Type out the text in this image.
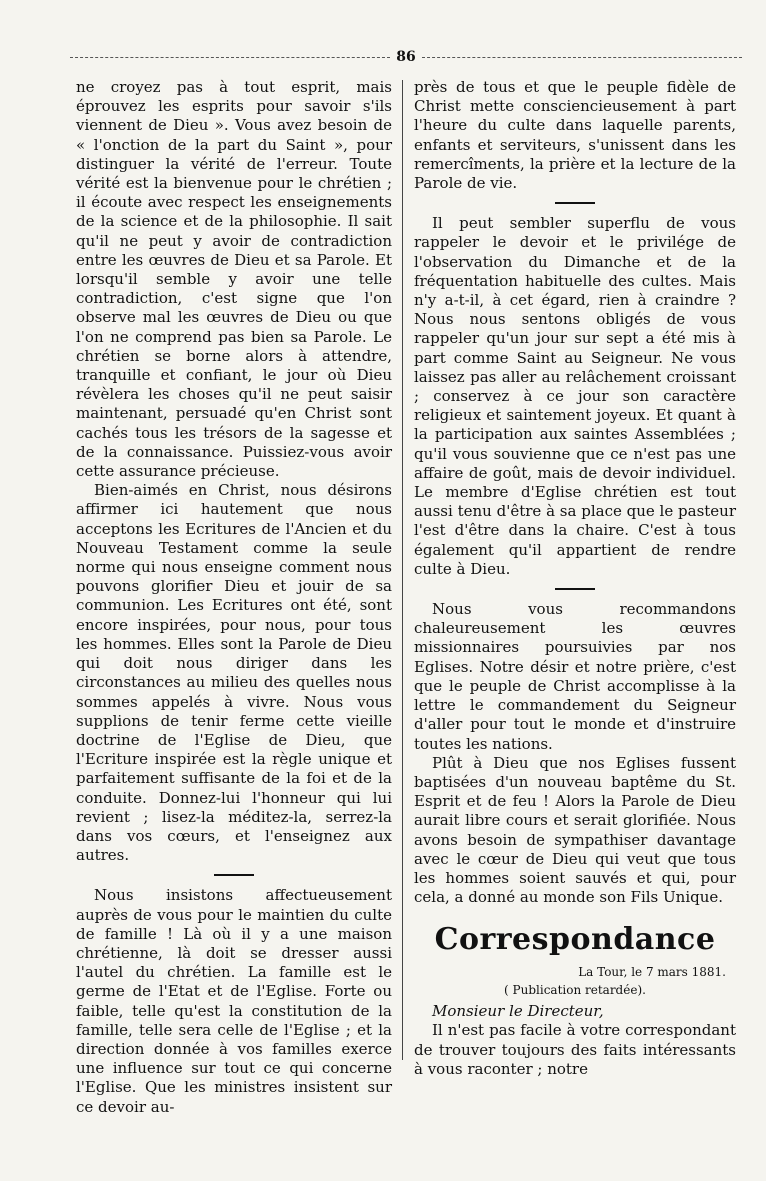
86

ne croyez pas à tout esprit, mais éprouvez les esprits pour savoir s'ils viennent de Dieu ». Vous avez besoin de « l'onction de la part du Saint », pour distinguer la vérité de l'erreur. Toute vérité est la bienvenue pour le chrétien ; il écoute avec respect les enseignements de la science et de la philosophie. Il sait qu'il ne peut y avoir de contradiction entre les œuvres de Dieu et sa Parole. Et lorsqu'il semble y avoir une telle contradiction, c'est signe que l'on observe mal les œuvres de Dieu ou que l'on ne comprend pas bien sa Parole. Le chrétien se borne alors à attendre, tranquille et confiant, le jour où Dieu révèlera les choses qu'il ne peut saisir maintenant, persuadé qu'en Christ sont cachés tous les trésors de la sagesse et de la connaissance. Puissiez-vous avoir cette assurance précieuse.

Bien-aimés en Christ, nous désirons affirmer ici hautement que nous acceptons les Ecritures de l'Ancien et du Nouveau Testament comme la seule norme qui nous enseigne comment nous pouvons glorifier Dieu et jouir de sa communion. Les Ecritures ont été, sont encore inspirées, pour nous, pour tous les hommes. Elles sont la Parole de Dieu qui doit nous diriger dans les circonstances au milieu des quelles nous sommes appelés à vivre. Nous vous supplions de tenir ferme cette vieille doctrine de l'Eglise de Dieu, que l'Ecriture inspirée est la règle unique et parfaitement suffisante de la foi et de la conduite. Donnez-lui l'honneur qui lui revient ; lisez-la méditez-la, serrez-la dans vos cœurs, et l'enseignez aux autres.

Nous insistons affectueusement auprès de vous pour le maintien du culte de famille ! Là où il y a une maison chrétienne, là doit se dresser aussi l'autel du chrétien. La famille est le germe de l'Etat et de l'Eglise. Forte ou faible, telle qu'est la constitution de la famille, telle sera celle de l'Eglise ; et la direction donnée à vos familles exerce une influence sur tout ce qui concerne l'Eglise. Que les ministres insistent sur ce devoir au-

près de tous et que le peuple fidèle de Christ mette consciencieusement à part l'heure du culte dans laquelle parents, enfants et serviteurs, s'unissent dans les remercîments, la prière et la lecture de la Parole de vie.

Il peut sembler superflu de vous rappeler le devoir et le privilége de l'observation du Dimanche et de la fréquentation habituelle des cultes. Mais n'y a-t-il, à cet égard, rien à craindre ? Nous nous sentons obligés de vous rappeler qu'un jour sur sept a été mis à part comme Saint au Seigneur. Ne vous laissez pas aller au relâchement croissant ; conservez à ce jour son caractère religieux et saintement joyeux. Et quant à la participation aux saintes Assemblées ; qu'il vous souvienne que ce n'est pas une affaire de goût, mais de devoir individuel. Le membre d'Eglise chrétien est tout aussi tenu d'être à sa place que le pasteur l'est d'être dans la chaire. C'est à tous également qu'il appartient de rendre culte à Dieu.

Nous vous recommandons chaleureusement les œuvres missionnaires poursuivies par nos Eglises. Notre désir et notre prière, c'est que le peuple de Christ accomplisse à la lettre le commandement du Seigneur d'aller pour tout le monde et d'instruire toutes les nations.

Plût à Dieu que nos Eglises fussent baptisées d'un nouveau baptême du St. Esprit et de feu ! Alors la Parole de Dieu aurait libre cours et serait glorifiée. Nous avons besoin de sympathiser davantage avec le cœur de Dieu qui veut que tous les hommes soient sauvés et qui, pour cela, a donné au monde son Fils Unique.

Correspondance
La Tour, le 7 mars 1881.
( Publication retardée).
Monsieur le Directeur,

Il n'est pas facile à votre correspondant de trouver toujours des faits intéressants à vous raconter ; notre
